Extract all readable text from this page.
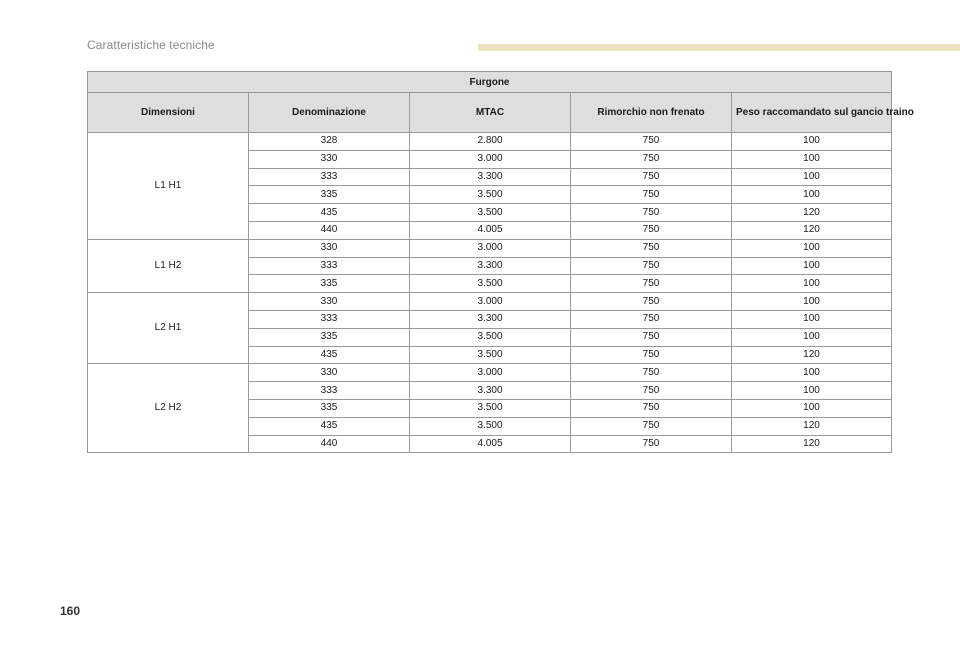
Caratteristiche tecniche
Furgone				
Dimensioni	Denominazione	MTAC	Rimorchio non frenato	Peso raccomandato sul gancio traino
L1 H1	328	2.800	750	100
	330	3.000	750	100
	333	3.300	750	100
	335	3.500	750	100
	435	3.500	750	120
	440	4.005	750	120
L1 H2	330	3.000	750	100
	333	3.300	750	100
	335	3.500	750	100
L2 H1	330	3.000	750	100
	333	3.300	750	100
	335	3.500	750	100
	435	3.500	750	120
L2 H2	330	3.000	750	100
	333	3.300	750	100
	335	3.500	750	100
	435	3.500	750	120
	440	4.005	750	120
160
